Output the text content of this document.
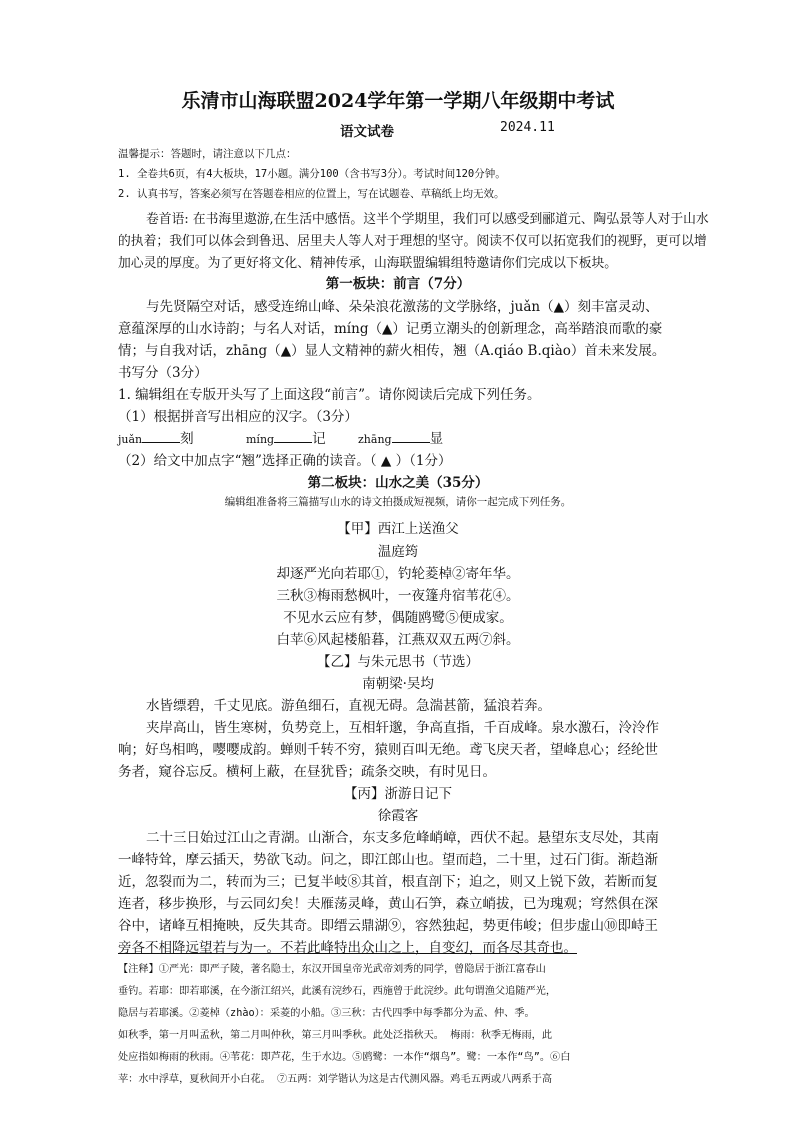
乐清市山海联盟2024学年第一学期八年级期中考试
语文试卷	2024.11
温馨提示：答题时，请注意以下几点：
1. 全卷共6页，有4大板块，17小题。满分100（含书写3分）。考试时间120分钟。
2. 认真书写，答案必须写在答题卷相应的位置上，写在试题卷、草稿纸上均无效。
卷首语: 在书海里遨游,在生活中感悟。这半个学期里，我们可以感受到郦道元、陶弘景等人对于山水
的执着；我们可以体会到鲁迅、居里夫人等人对于理想的坚守。阅读不仅可以拓宽我们的视野，更可以增
加心灵的厚度。为了更好将文化、精神传承，山海联盟编辑组特邀请你们完成以下板块。
第一板块：前言（7分）
与先贤隔空对话，感受连绵山峰、朵朵浪花激荡的文学脉络，juǎn（▲）刻丰富灵动、
意蕴深厚的山水诗韵；与名人对话，míng（▲）记勇立潮头的创新理念，高举踏浪而歌的豪
情；与自我对话，zhāng（▲）显人文精神的薪火相传，翘（A.qiáo B.qiào）首未来发展。
书写分（3分）
1. 编辑组在专版开头写了上面这段“前言”。请你阅读后完成下列任务。
（1）根据拼音写出相应的汉字。（3分）
juǎn	刻	míng	记	zhāng	显
（2）给文中加点字“翘”选择正确的读音。（ ▲ ）（1分）
第二板块：山水之美（35分）
编辑组准备将三篇描写山水的诗文拍摄成短视频，请你一起完成下列任务。
【甲】西江上送渔父
温庭筠
却逐严光向若耶①，钓轮菱棹②寄年华。
三秋③梅雨愁枫叶，一夜篷舟宿苇花④。
不见水云应有梦，偶随鸥鹭⑤便成家。
白苹⑥风起楼船暮，江燕双双五两⑦斜。
【乙】与朱元思书（节选）
南朝梁·吴均
水皆缥碧，千丈见底。游鱼细石，直视无碍。急湍甚箭，猛浪若奔。
夹岸高山，皆生寒树，负势竞上，互相轩邈，争高直指，千百成峰。泉水激石，泠泠作
响；好鸟相鸣，嘤嘤成韵。蝉则千转不穷，猿则百叫无绝。鸢飞戾天者，望峰息心；经纶世
务者，窥谷忘反。横柯上蔽，在昼犹昏；疏条交映，有时见日。
【丙】浙游日记下
徐霞客
二十三日始过江山之青湖。山渐合，东支多危峰峭嶂，西伏不起。悬望东支尽处，其南
一峰特耸，摩云插天，势欲飞动。问之，即江郎山也。望而趋，二十里，过石门街。渐趋渐
近，忽裂而为二，转而为三；已复半岐⑧其首，根直剖下；迫之，则又上锐下敛，若断而复
连者，移步换形，与云同幻矣！夫雁荡灵峰，黄山石笋，森立峭拔，已为瑰观；穹然俱在深
谷中，诸峰互相掩映，反失其奇。即缙云鼎湖⑨，容然独起，势更伟峻；但步虚山⑩即峙王
旁各不相降远望若与为一。不若此峰特出众山之上，自变幻，而各尽其奇也。
【注释】①严光：即严子陵，著名隐士，东汉开国皇帝光武帝刘秀的同学，曾隐居于浙江富春山
垂钓。若耶：即若耶溪，在今浙江绍兴，此溪有浣纱石，西施曾于此浣纱。此句谓渔父追随严光，
隐居与若耶溪。②菱棹（zhào）：采菱的小船。③三秋：古代四季中每季都分为孟、仲、季。
如秋季，第一月叫孟秋，第二月叫仲秋，第三月叫季秋。此处泛指秋天。 梅雨：秋季无梅雨，此
处应指如梅雨的秋雨。④苇花：即芦花，生于水边。⑤鸥鹭：一本作“烟鸟”。鹭：一本作“鸟”。⑥白
苹：水中浮草，夏秋间开小白花。 ⑦五两：刘学锴认为这是古代测风器。鸡毛五两或八两系于高
